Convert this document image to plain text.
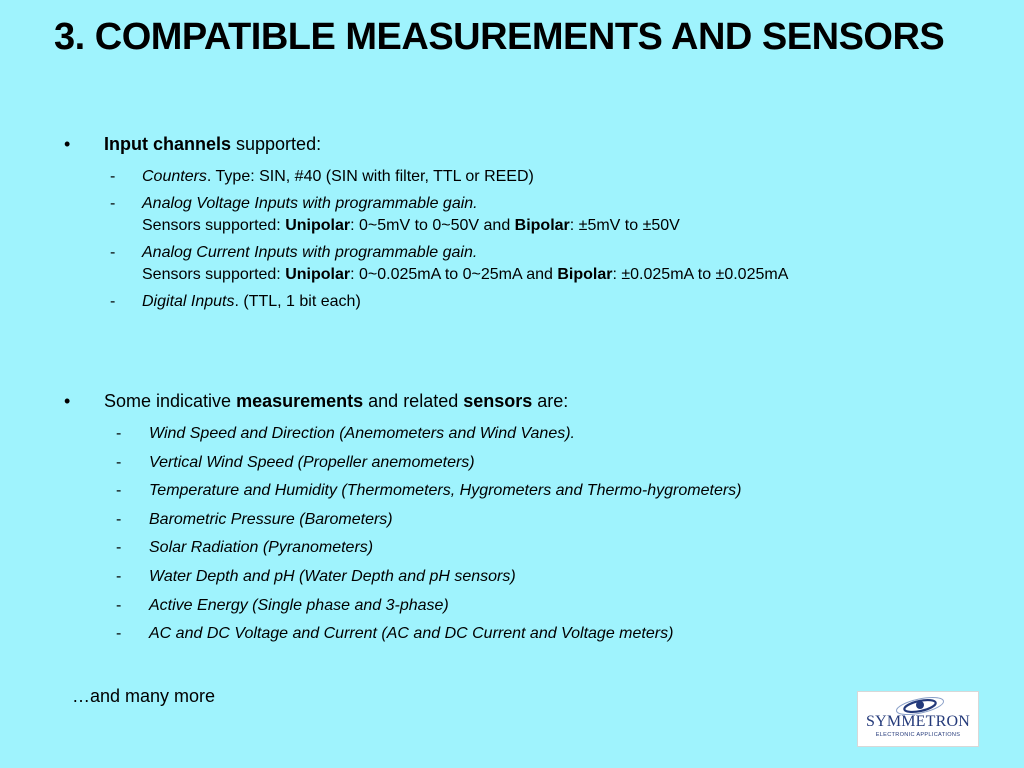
3. COMPATIBLE MEASUREMENTS AND SENSORS
• Input channels supported:
- Counters. Type: SIN, #40 (SIN with filter, TTL or REED)
- Analog Voltage Inputs with programmable gain.
Sensors supported: Unipolar: 0~5mV to 0~50V and Bipolar: ±5mV to ±50V
- Analog Current Inputs with programmable gain.
Sensors supported: Unipolar: 0~0.025mA to 0~25mA and Bipolar: ±0.025mA to ±0.025mA
- Digital Inputs. (TTL, 1 bit each)
• Some indicative measurements and related sensors are:
- Wind Speed and Direction (Anemometers and Wind Vanes).
- Vertical Wind Speed (Propeller anemometers)
- Temperature and Humidity (Thermometers, Hygrometers and Thermo-hygrometers)
- Barometric Pressure (Barometers)
- Solar Radiation (Pyranometers)
- Water Depth and pH (Water Depth and pH sensors)
- Active Energy (Single phase and 3-phase)
- AC and DC Voltage and Current (AC and DC Current and Voltage meters)
…and many more
SYMMETRON
ELECTRONIC APPLICATIONS
